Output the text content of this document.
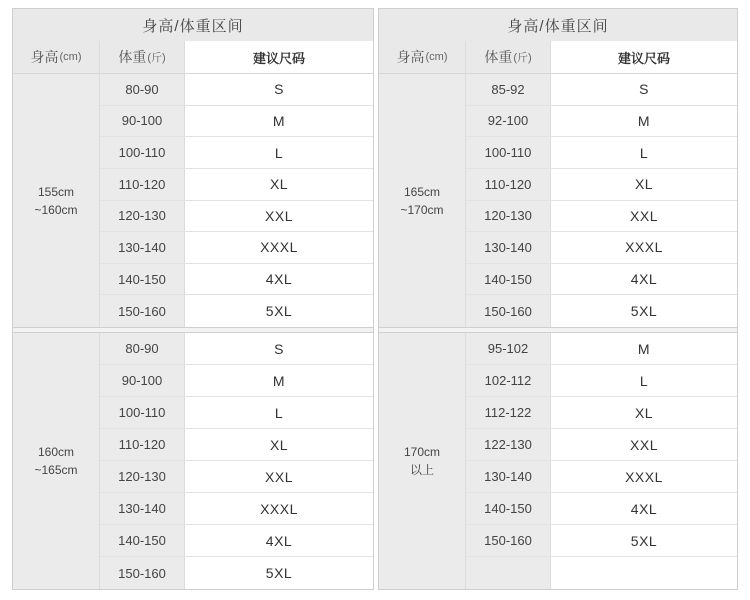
身高/体重区间
身高 (cm)	体重 (斤)	建议尺码
155cm
~160cm
80-90	S
90-100	M
100-110	L
110-120	XL
120-130	XXL
130-140	XXXL
140-150	4XL
150-160	5XL
160cm
~165cm
80-90	S
90-100	M
100-110	L
110-120	XL
120-130	XXL
130-140	XXXL
140-150	4XL
150-160	5XL
身高/体重区间
身高 (cm)	体重 (斤)	建议尺码
165cm
~170cm
85-92	S
92-100	M
100-110	L
110-120	XL
120-130	XXL
130-140	XXXL
140-150	4XL
150-160	5XL
170cm
以上
95-102	M
102-112	L
112-122	XL
122-130	XXL
130-140	XXXL
140-150	4XL
150-160	5XL
